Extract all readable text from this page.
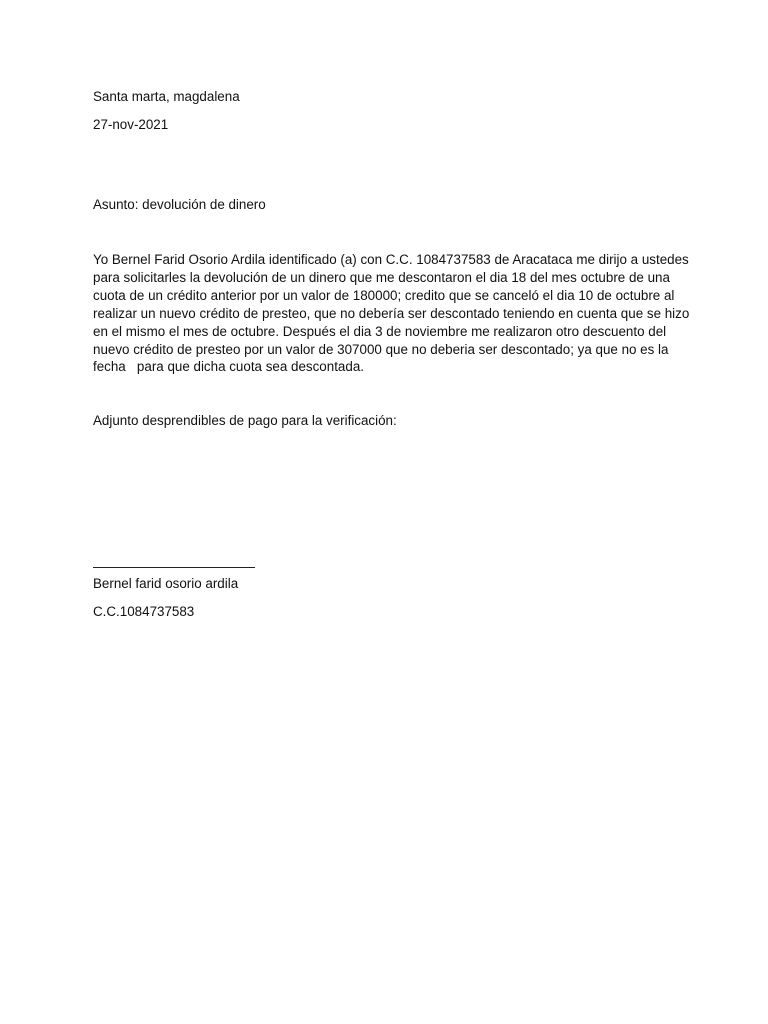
Santa marta, magdalena
27-nov-2021
Asunto: devolución de dinero
Yo Bernel Farid Osorio Ardila identificado (a) con C.C. 1084737583 de Aracataca me dirijo a ustedes
para solicitarles la devolución de un dinero que me descontaron el dia 18 del mes octubre de una
cuota de un crédito anterior por un valor de 180000; credito que se canceló el dia 10 de octubre al
realizar un nuevo crédito de presteo, que no debería ser descontado teniendo en cuenta que se hizo
en el mismo el mes de octubre. Después el dia 3 de noviembre me realizaron otro descuento del
nuevo crédito de presteo por un valor de 307000 que no deberia ser descontado; ya que no es la
fecha   para que dicha cuota sea descontada.
Adjunto desprendibles de pago para la verificación:
Bernel farid osorio ardila
C.C.1084737583
